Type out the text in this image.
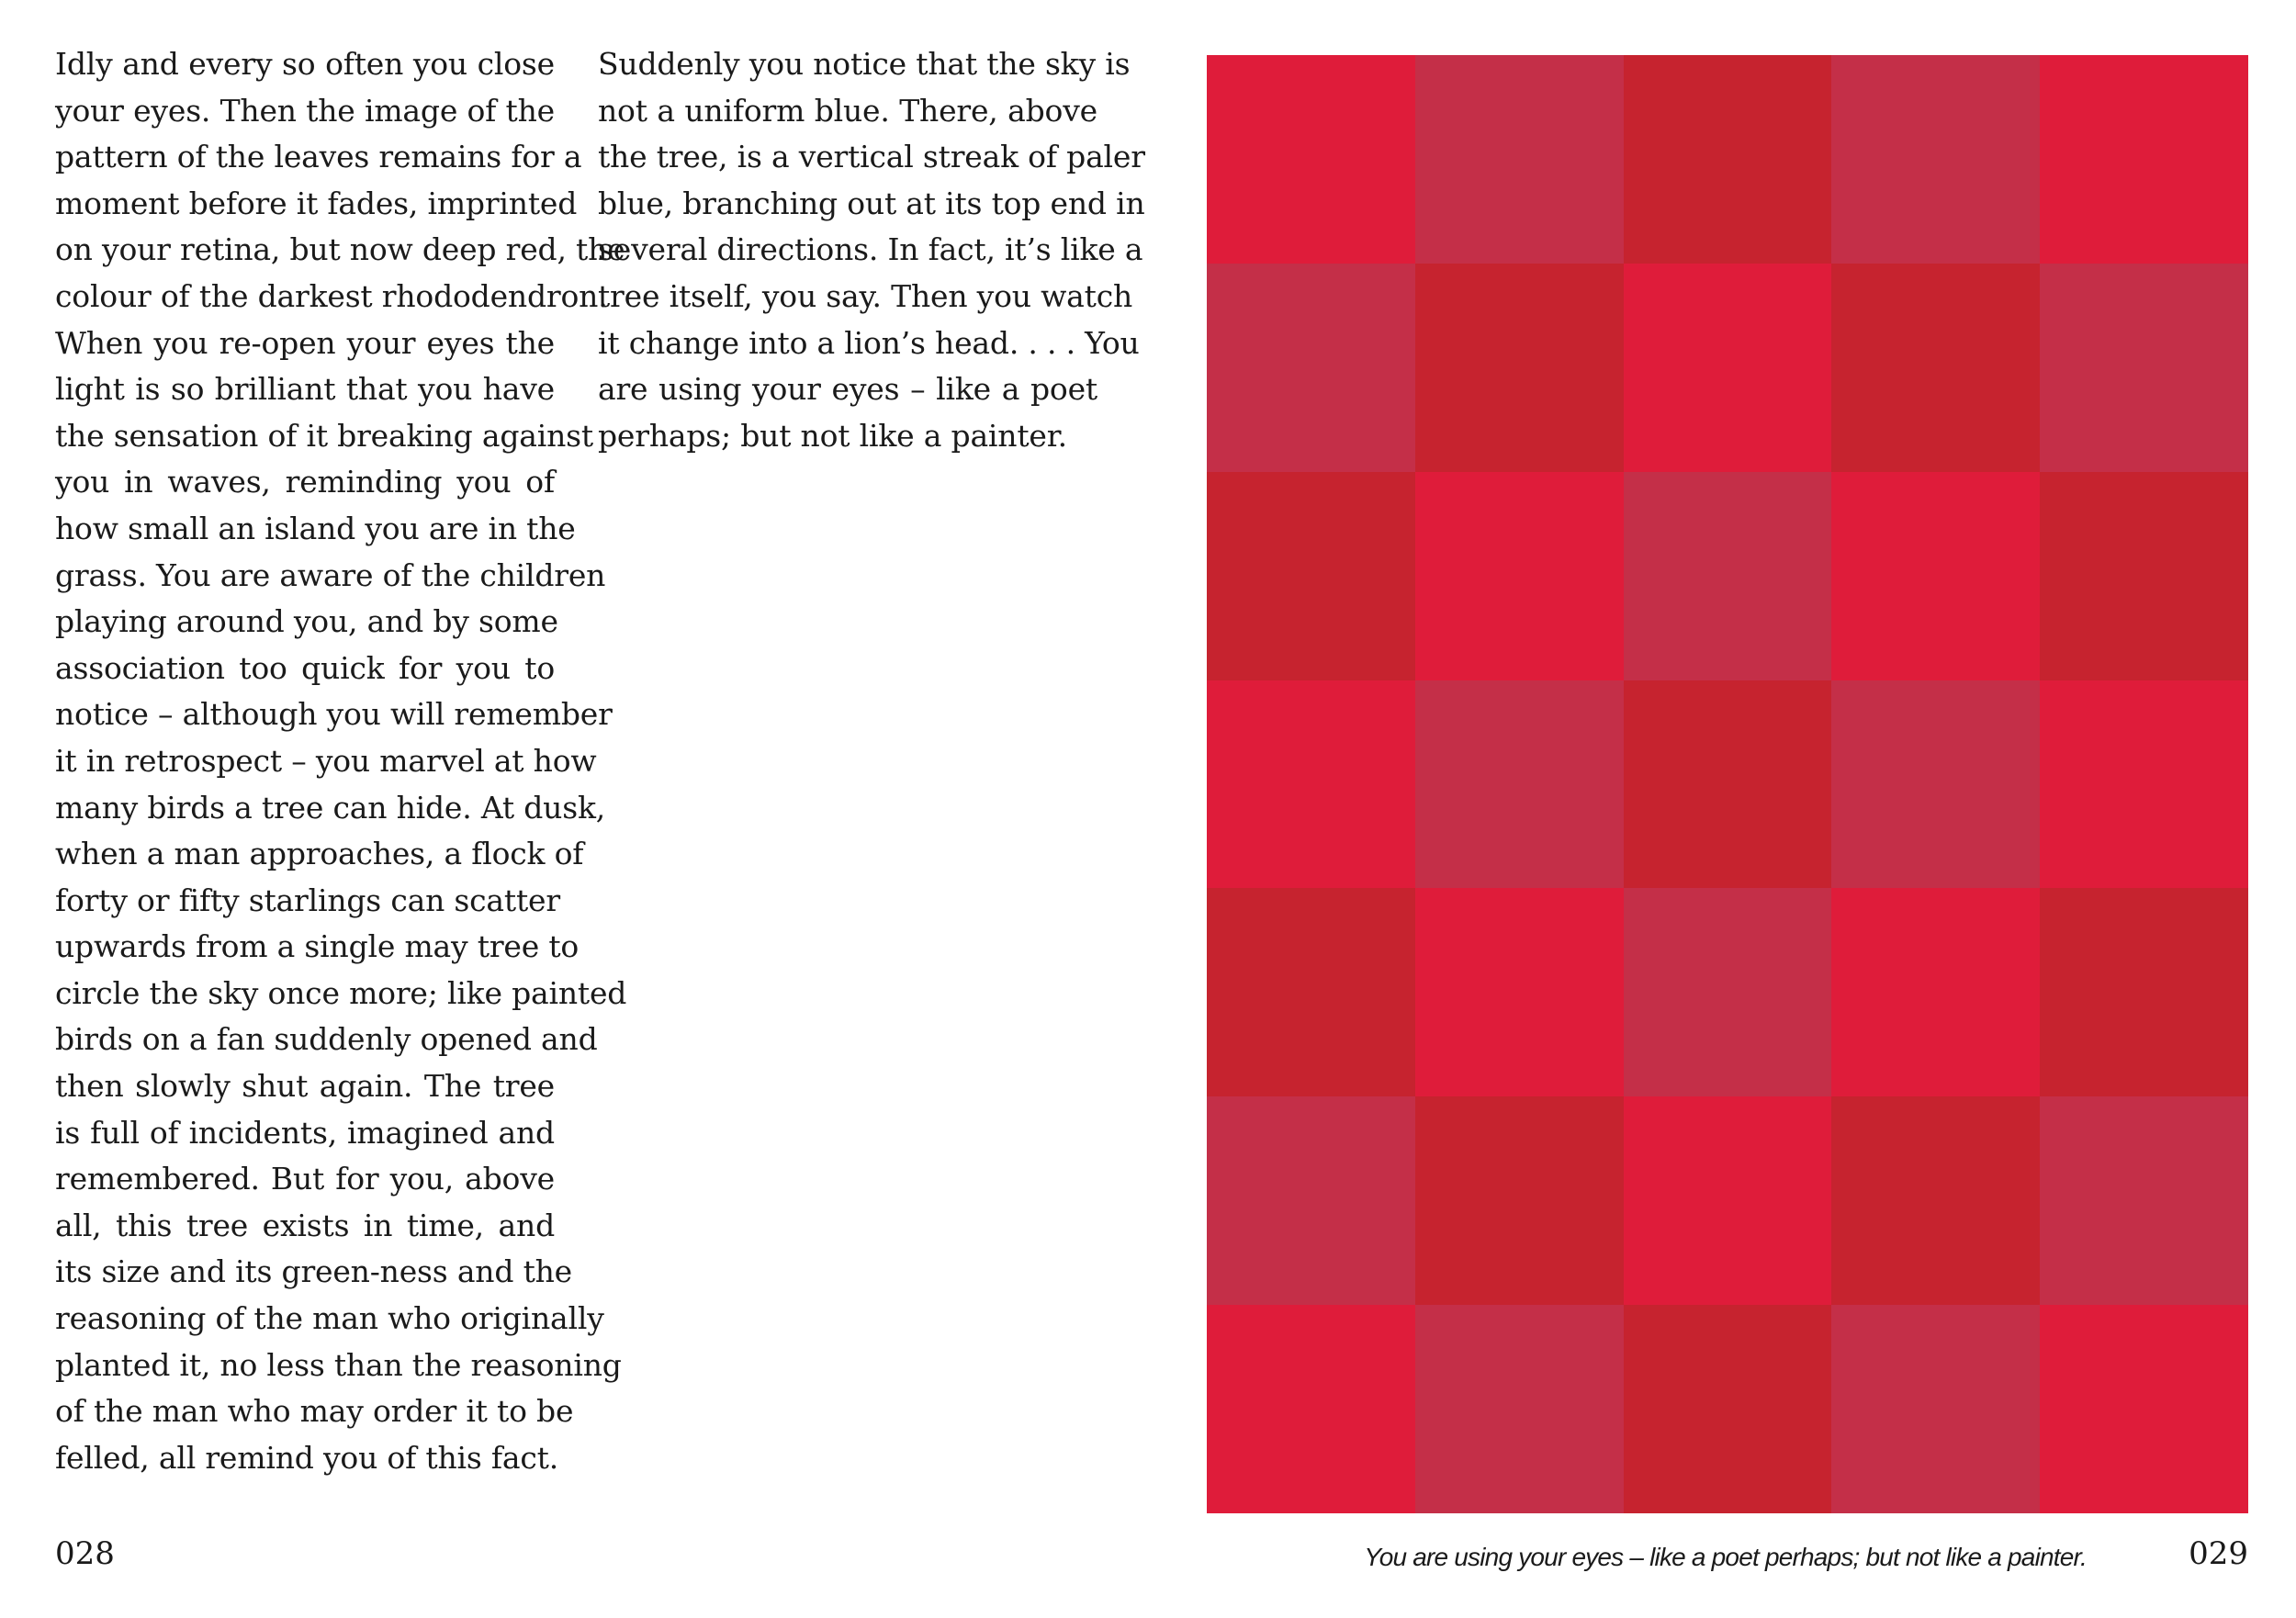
Idly and every so often you close
your eyes. Then the image of the
pattern of the leaves remains for a
moment before it fades, imprinted
on your retina, but now deep red, the
colour of the darkest rhododendron.
When you re-open your eyes the
light is so brilliant that you have
the sensation of it breaking against
you in waves, reminding you of
how small an island you are in the
grass. You are aware of the children
playing around you, and by some
association too quick for you to
notice – although you will remember
it in retrospect – you marvel at how
many birds a tree can hide. At dusk,
when a man approaches, a flock of
forty or fifty starlings can scatter
upwards from a single may tree to
circle the sky once more; like painted
birds on a fan suddenly opened and
then slowly shut again. The tree
is full of incidents, imagined and
remembered. But for you, above
all, this tree exists in time, and
its size and its green-ness and the
reasoning of the man who originally
planted it, no less than the reasoning
of the man who may order it to be
felled, all remind you of this fact.
Suddenly you notice that the sky is
not a uniform blue. There, above
the tree, is a vertical streak of paler
blue, branching out at its top end in
several directions. In fact, it’s like a
tree itself, you say. Then you watch
it change into a lion’s head. . . . You
are using your eyes – like a poet
perhaps; but not like a painter.
028	You are using your eyes – like a poet perhaps; but not like a painter.	029
